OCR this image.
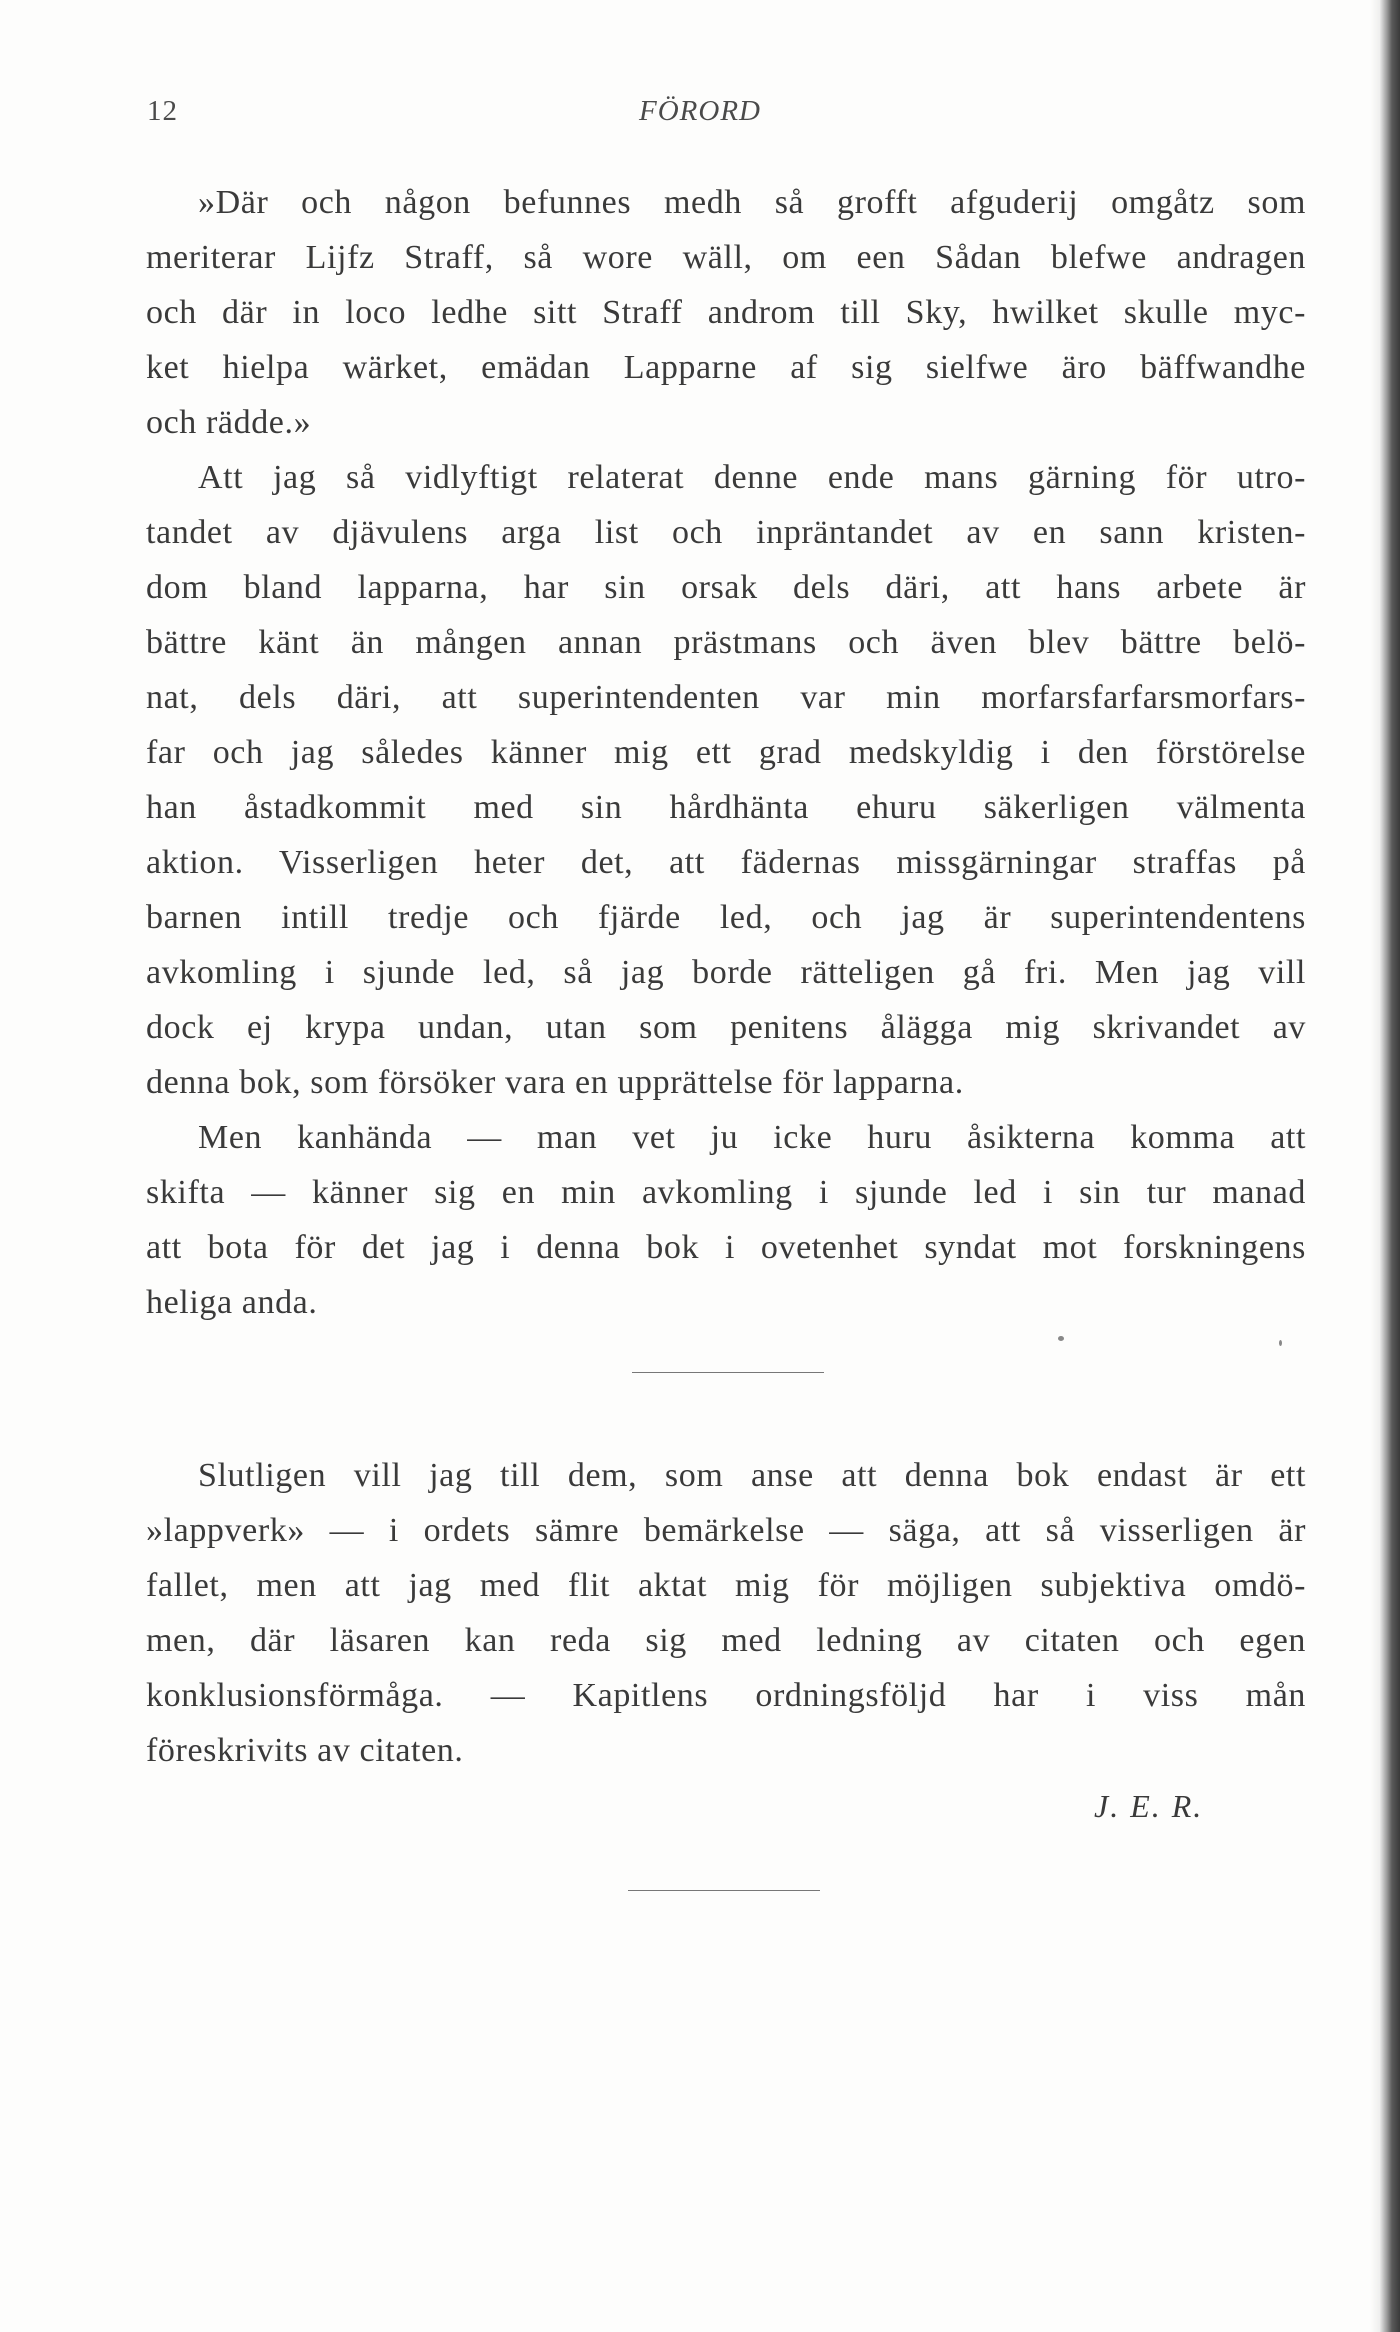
12	FÖRORD
»Där och någon befunnes medh så grofft afguderij omgåtz som
meriterar Lijfz Straff, så wore wäll, om een Sådan blefwe andragen
och där in loco ledhe sitt Straff androm till Sky, hwilket skulle myc-
ket hielpa wärket, emädan Lapparne af sig sielfwe äro bäffwandhe
och rädde.»
Att jag så vidlyftigt relaterat denne ende mans gärning för utro-
tandet av djävulens arga list och inpräntandet av en sann kristen-
dom bland lapparna, har sin orsak dels däri, att hans arbete är
bättre känt än mången annan prästmans och även blev bättre belö-
nat, dels däri, att superintendenten var min morfarsfarfarsmorfars-
far och jag således känner mig ett grad medskyldig i den förstörelse
han åstadkommit med sin hårdhänta ehuru säkerligen välmenta
aktion. Visserligen heter det, att fädernas missgärningar straffas på
barnen intill tredje och fjärde led, och jag är superintendentens
avkomling i sjunde led, så jag borde rätteligen gå fri. Men jag vill
dock ej krypa undan, utan som penitens ålägga mig skrivandet av
denna bok, som försöker vara en upprättelse för lapparna.
Men kanhända — man vet ju icke huru åsikterna komma att
skifta — känner sig en min avkomling i sjunde led i sin tur manad
att bota för det jag i denna bok i ovetenhet syndat mot forskningens
heliga anda.
Slutligen vill jag till dem, som anse att denna bok endast är ett
»lappverk» — i ordets sämre bemärkelse — säga, att så visserligen är
fallet, men att jag med flit aktat mig för möjligen subjektiva omdö-
men, där läsaren kan reda sig med ledning av citaten och egen
konklusionsförmåga. — Kapitlens ordningsföljd har i viss mån
föreskrivits av citaten.
J. E. R.
